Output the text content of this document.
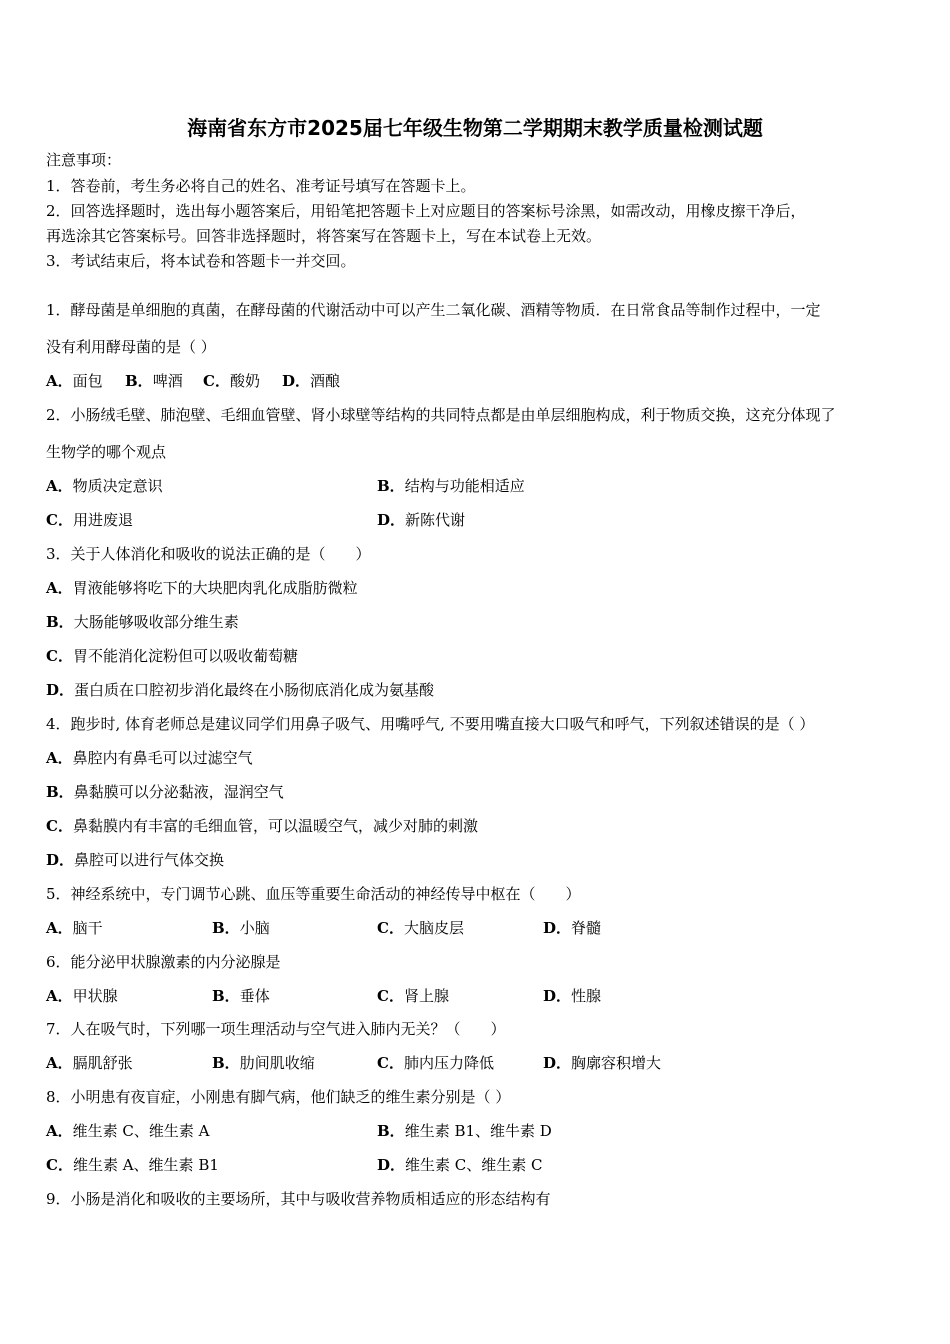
海南省东方市2025届七年级生物第二学期期末教学质量检测试题
注意事项：
1．答卷前，考生务必将自己的姓名、准考证号填写在答题卡上。
2．回答选择题时，选出每小题答案后，用铅笔把答题卡上对应题目的答案标号涂黑，如需改动，用橡皮擦干净后，
再选涂其它答案标号。回答非选择题时，将答案写在答题卡上，写在本试卷上无效。
3．考试结束后，将本试卷和答题卡一并交回。
1．酵母菌是单细胞的真菌，在酵母菌的代谢活动中可以产生二氧化碳、酒精等物质．在日常食品等制作过程中，一定
没有利用酵母菌的是（ ）
A．面包 B．啤酒 C．酸奶 D．酒酿
2．小肠绒毛壁、肺泡壁、毛细血管壁、肾小球壁等结构的共同特点都是由单层细胞构成，利于物质交换，这充分体现了
生物学的哪个观点
A．物质决定意识	B．结构与功能相适应
C．用进废退	D．新陈代谢
3．关于人体消化和吸收的说法正确的是（　　）
A．胃液能够将吃下的大块肥肉乳化成脂肪微粒
B．大肠能够吸收部分维生素
C．胃不能消化淀粉但可以吸收葡萄糖
D．蛋白质在口腔初步消化最终在小肠彻底消化成为氨基酸
4．跑步时, 体育老师总是建议同学们用鼻子吸气、用嘴呼气, 不要用嘴直接大口吸气和呼气，下列叙述错误的是（ ）
A．鼻腔内有鼻毛可以过滤空气
B．鼻黏膜可以分泌黏液，湿润空气
C．鼻黏膜内有丰富的毛细血管，可以温暖空气，减少对肺的刺激
D．鼻腔可以进行气体交换
5．神经系统中，专门调节心跳、血压等重要生命活动的神经传导中枢在（　　）
A．脑干	B．小脑	C．大脑皮层	D．脊髓
6．能分泌甲状腺激素的内分泌腺是
A．甲状腺	B．垂体	C．肾上腺	D．性腺
7．人在吸气时，下列哪一项生理活动与空气进入肺内无关？（　　）
A．膈肌舒张	B．肋间肌收缩	C．肺内压力降低	D．胸廓容积增大
8．小明患有夜盲症，小刚患有脚气病，他们缺乏的维生素分别是（ ）
A．维生素 C、维生素 A	B．维生素 B1、维牛素 D
C．维生素 A、维生素 B1	D．维生素 C、维生素 C
9．小肠是消化和吸收的主要场所，其中与吸收营养物质相适应的形态结构有
